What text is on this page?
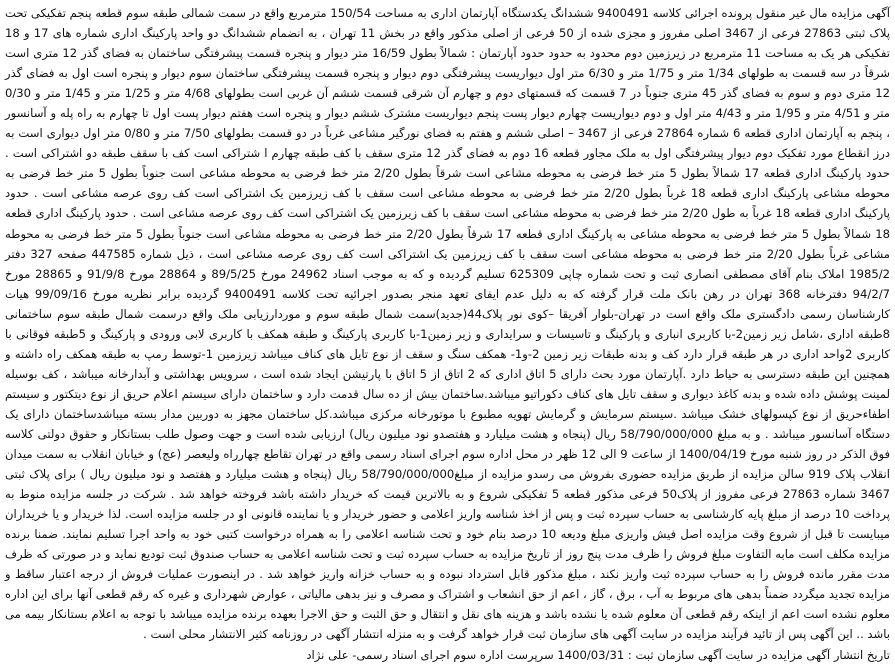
آگهی مزایده مال غیر منقول پرونده اجرائی کلاسه 9400491 ششدانگ یکدستگاه آپارتمان اداری به مساحت 150/54 مترمربع واقع در سمت شمالی طبقه سوم قطعه پنجم تفکیکی تحت پلاک ثبتی 27863 فرعی از 3467 اصلی مفروز و مجزی شده از 50 فرعی از اصلی مذکور واقع در بخش 11 تهران ، به انضمام ششدانگ دو واحد پارکینگ اداری شماره های 17 و 18 تفکیکی هر یک به مساحت 11 مترمربع در زیرزمین دوم محدود به حدود حدود آپارتمان : شمالاً بطول 16/59 متر دیوار و پنجره قسمت پیشرفتگی ساختمان به فضای گذر 12 متری است شرقاً در سه قسمت به طولهای 1/34 متر و 1/75 متر و 6/30 متر اول دیواریست پیشرفتگی دوم دیوار و پنجره قسمت پیشرفتگی ساختمان سوم دیوار و پنجره است اول به فضای گذر 12 متری دوم و سوم به فضای گذر 45 متری جنوباً در 7 قسمت که قسمتهای دوم و چهارم آن شرقی قسمت ششم آن غربی است بطولهای 4/68 متر و 1/25 متر و 1/45 متر و 0/30 متر و 4/51 متر و 1/95 متر و 4/43 متر اول و دوم دیواریست چهارم دیوار پست پنجم دیواریست مشترک ششم دیوار و پنجره است هفتم دیوار پست اول تا چهارم به راه پله و آسانسور ، پنجم به آپارتمان اداری قطعه 6 شماره 27864 فرعی از 3467 – اصلی ششم و هفتم به فضای نورگیر مشاعی غرباً در دو قسمت بطولهای 7/50 متر و 0/80 متر اول دیواری است به درز انقطاع مورد تفکیک دوم دیوار پیشرفتگی اول به ملک مجاور قطعه 16 دوم به فضای گذر 12 متری سقف با کف طبقه چهارم ا شتراکی است کف با سقف طبقه دو اشتراکی است . حدود پارکینگ اداری قطعه 17 شمالاً بطول 5 متر خط فرضی به محوطه مشاعی است شرقاً بطول 2/20 متر خط فرضی به محوطه مشاعی است جنوباً بطول 5 متر خط فرضی به محوطه مشاعی پارکینگ اداری قطعه 18 غرباً بطول 2/20 متر خط فرضی به محوطه مشاعی است سقف با کف زیرزمین یک اشتراکی است کف روی عرصه مشاعی است . حدود پارکینگ اداری قطعه 18 غرباً به طول 2/20 متر خط فرضی به محوطه مشاعی است سقف با کف زیرزمین یک اشتراکی است کف روی عرصه مشاعی است . حدود پارکینگ اداری قطعه 18 شمالاً بطول 5 متر خط فرضی به محوطه مشاعی به پارکینگ اداری قطعه 17 شرقاً بطول 2/20 متر خط فرضی به محوطه مشاعی است جنوباً بطول 5 متر خط فرضی به محوطه مشاعی غرباً بطول 2/20 متر خط فرضی به محوطه مشاعی است سقف با کف زیرزمین یک اشتراکی است کف روی عرصه مشاعی است ، ذیل شماره 447585 صفحه 327 دفتر 1985/2 املاک بنام آقای مصطفی انصاری ثبت و تحت شماره چاپی 625309 تسلیم گردیده و که به موجب اسناد 24962 مورخ 89/5/25 و 28864 مورخ 91/9/8 و 28865 مورخ 94/2/7 دفترخانه 368 تهران در رهن بانک ملت قرار گرفته که به دلیل عدم ایفای تعهد منجر بصدور اجرائیه تحت کلاسه 9400491 گردیده برابر نظریه مورخ 99/09/16 هیات کارشناسان رسمی دادگستری ملک واقع است در تهران-بلوار آفریقا –کوی نور پلاک44(جدید)سمت شمال طبقه سوم و موردارزیابی ملک واقع درسمت شمال طبقه سوم ساختمانی 8طبقه اداری ،شامل زیر زمین2-با کاربری انباری و پارکینگ و تاسیسات و سرایداری و زیر زمین1-با کاربری پارکینگ و طبقه همکف با کاربری لابی ورودی و پارکینگ و 5طبقه فوقانی با کاربری 2واحد اداری در هر طبقه قرار دارد کف و بدنه طبقات زیر زمین 2-و1- همکف سنگ و سقف از نوع تایل های کناف میباشد زیرزمین 1-توسط رمپ به طبقه همکف راه داشته و همچنین این طبقه دسترسی به حیاط دارد .آپارتمان مورد بحث دارای 5 اتاق اداری که 2 اتاق از 5 اتاق با پارتیشن ایجاد شده است ، سرویس بهداشتی و آبدارخانه میباشد ، کف بوسیله لمینت پوشش داده شده و بدنه کاغذ دیواری و سقف تایل های کناف دکوراتیو میباشد.ساختمان بیش از ده سال قدمت دارد و ساختمان دارای سیستم اعلام حریق از نوع دیتکتور و سیستم اطفاءحریق از نوع کپسولهای خشک میباشد .سیستم سرمایش و گرمایش تهویه مطبوع با موتورخانه مرکزی میباشد.کل ساختمان مجهز به دوربین مدار بسته میباشدساختمان دارای یک دستگاه آسانسور میباشد . و به مبلغ 58/790/000/000 ریال (پنجاه و هشت میلیارد و هفتصدو نود میلیون ریال) ارزیابی شده است و جهت وصول طلب بستانکار و حقوق دولتی کلاسه فوق الذکر در روز شنبه مورخ 1400/04/19 از ساعت 9 الی 12 ظهر در محل اداره سوم اجرای اسناد رسمی واقع در تهران تقاطع چهارراه ولیعصر (عج) و خیابان انقلاب به سمت میدان انقلاب پلاک 919 سالن مزایده از طریق مزایده حضوری بفروش می رسدو مزایده از مبلغ58/790/000/000 ریال (پنجاه و هشت میلیارد و هفتصد و نود میلیون ریال ) برای پلاک ثبتی 3467 شماره 27863 فرعی مفروز از پلاک50 فرعی مذکور قطعه 5 تفکیکی شروع و به بالاترین قیمت که خریدار داشته باشد فروخته خواهد شد . شرکت در جلسه مزایده منوط به پرداخت 10 درصد از مبلغ پایه کارشناسی به حساب سپرده ثبت و پس از اخذ شناسه واریز اعلامی و حضور خریدار و یا نماینده قانونی او در جلسه مزایده است. لذا خریدار و یا خریداران میبایست تا قبل از شروع وقت مزایده اصل فیش واریزی مبلغ ودیعه 10 درصد بنام خود و تحت شناسه اعلامی را به همراه درخواست کتبی خود به واحد اجرا تسلیم نمایند. ضمنا برنده مزایده مکلف است مابه التفاوت مبلغ فروش را ظرف مدت پنج روز از تاریخ مزایده به حساب سپرده ثبت و تحت شناسه اعلامی به حساب صندوق ثبت تودیع نماید و در صورتی که ظرف مدت مقرر مانده فروش را به حساب سپرده ثبت واریز نکند ، مبلغ مذکور قابل استرداد نبوده و به حساب خزانه واریز خواهد شد . در اینصورت عملیات فروش از درجه اعتبار ساقط و مزایده تجدید میگردد ضمناً بدهی های مربوط به آب ، برق ، گاز ، اعم از حق انشعاب و اشتراک و مصرف و نیز بدهی مالیاتی ، عوارض شهرداری و غیره که رقم قطعی آنها برای این اداره معلوم نشده است اعم از اینکه رقم قطعی آن معلوم شده یا نشده باشد و هزینه های نقل و انتقال و حق الثبت و حق الاجرا بعهده برنده مزایده میباشد با توجه به اعلام بستانکار بیمه می باشد .. این آگهی پس از تائید فرآیند مزایده در سایت آگهی های سازمان ثبت قرار خواهد گرفت و به منزله انتشار آگهی در روزنامه کثیر الانتشار محلی است .

تاریخ انتشار آگهی مزایده در سایت آگهی سازمان ثبت : 1400/03/31 سرپرست اداره سوم اجرای اسناد رسمی- علی نژاد
